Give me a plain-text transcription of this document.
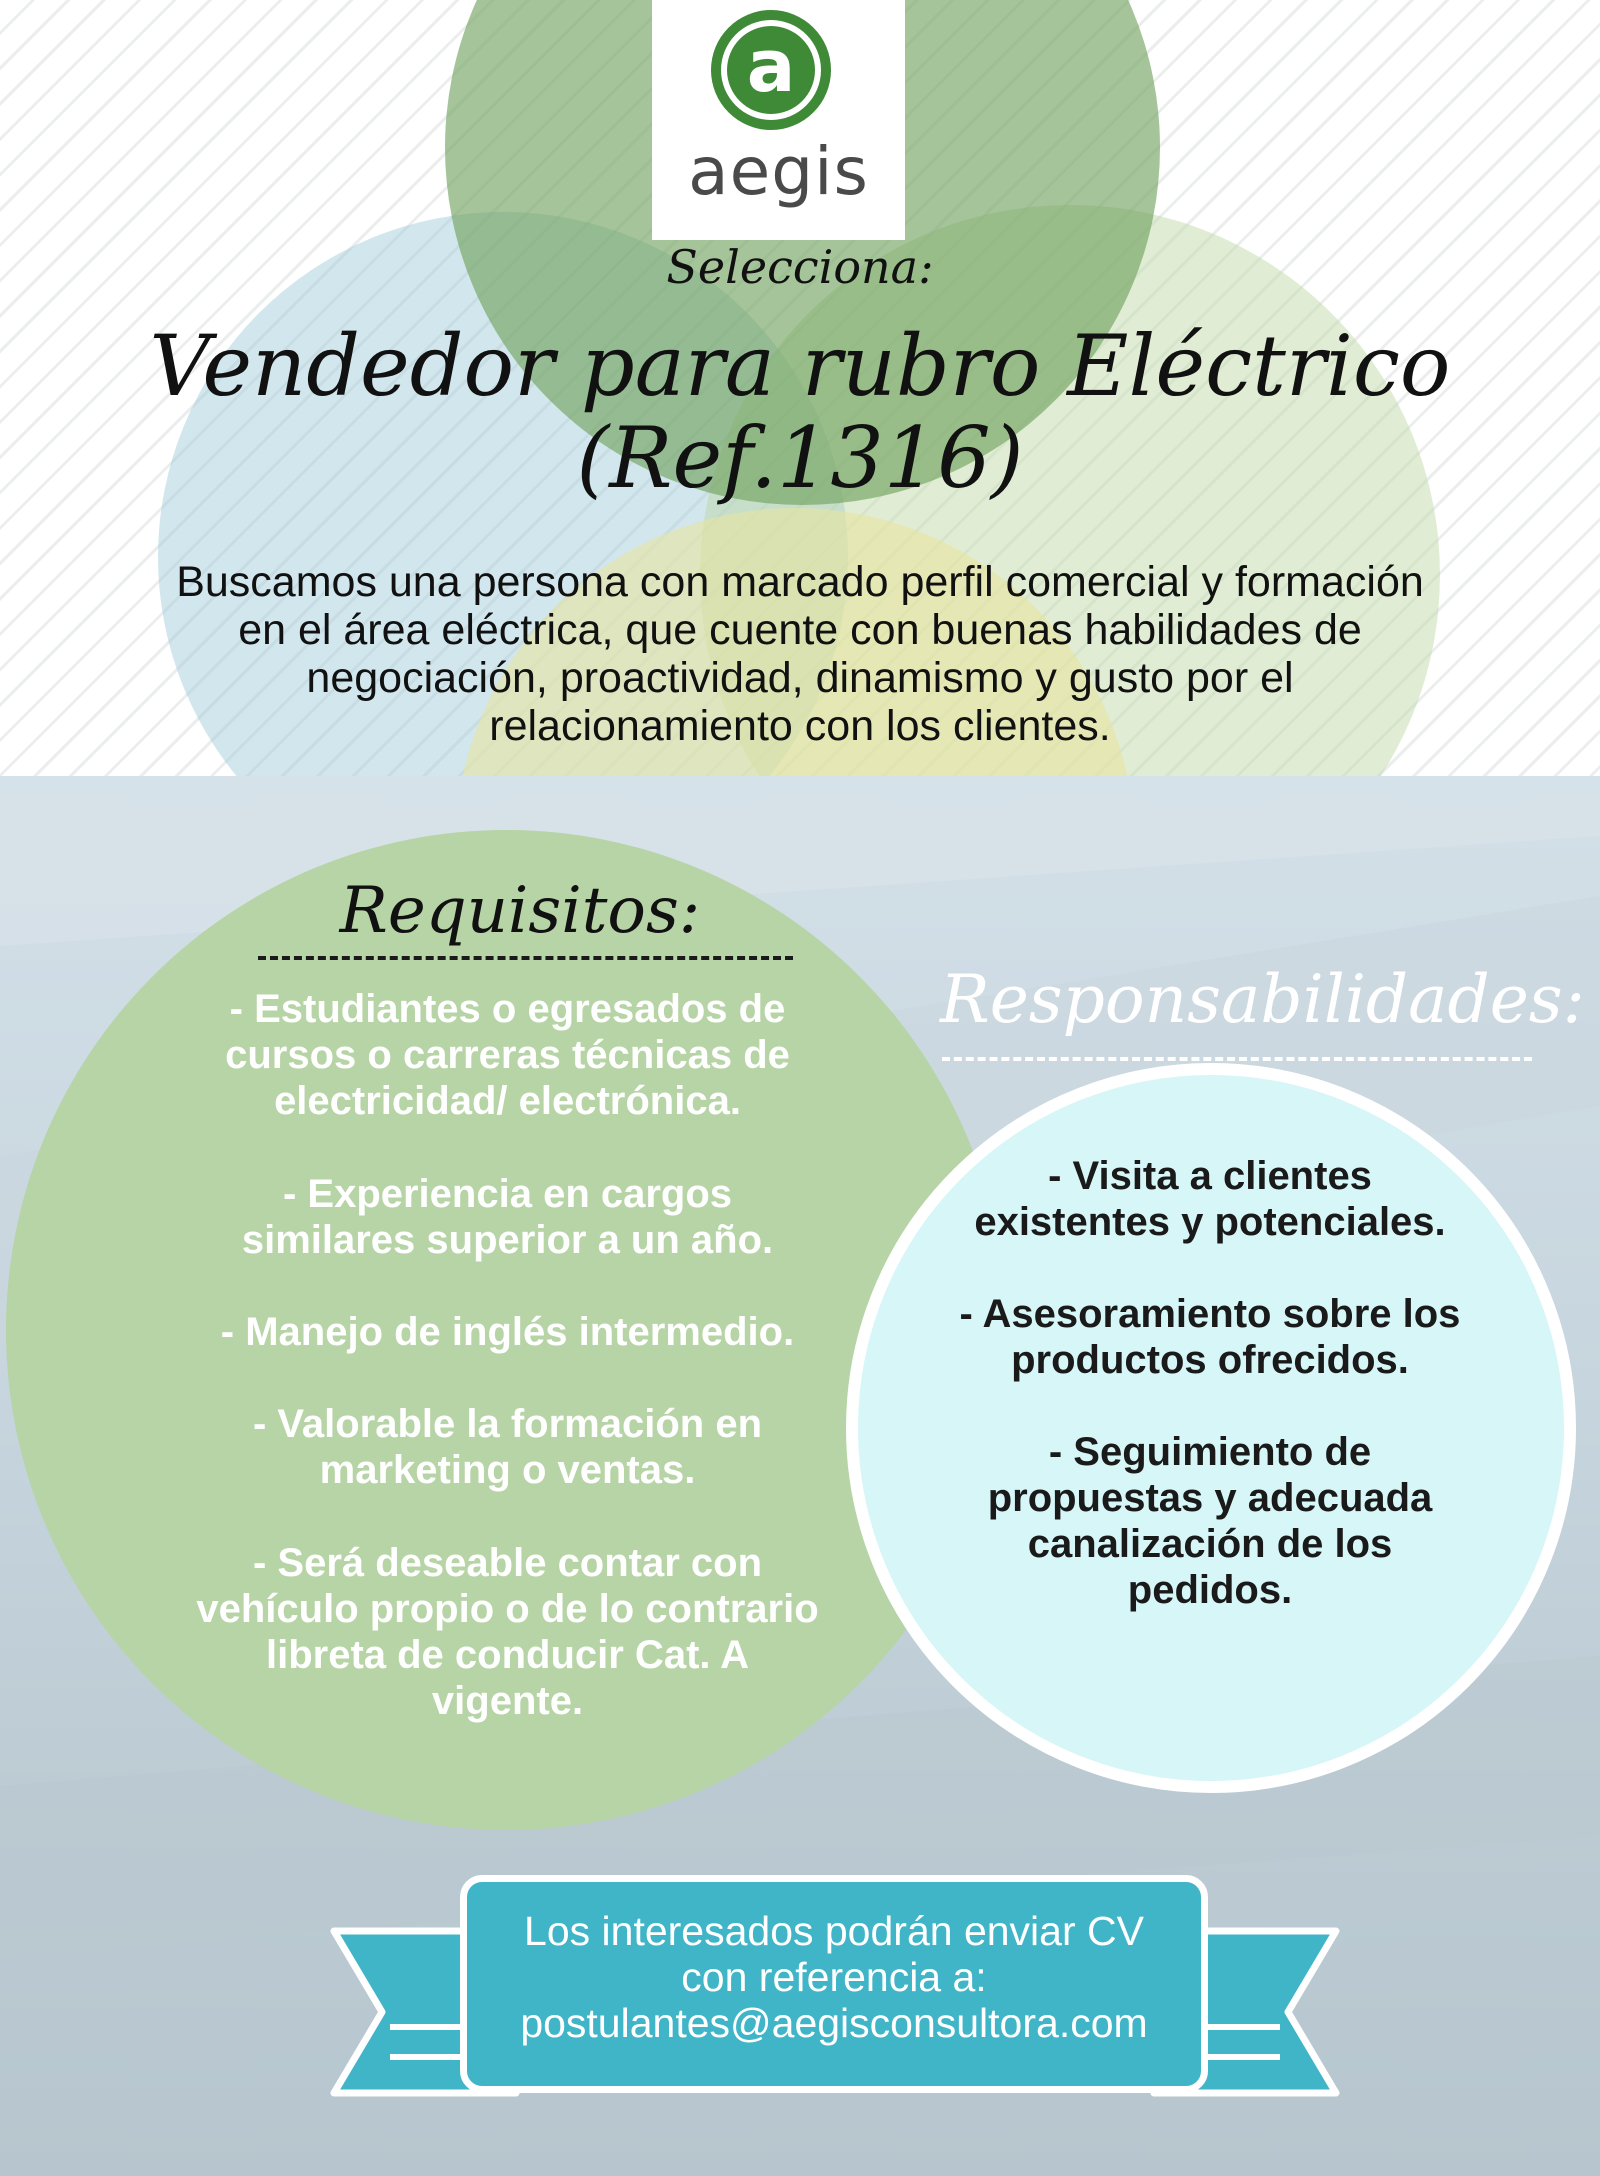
a
aegis
Selecciona:
Vendedor para rubro Eléctrico
(Ref.1316)
Buscamos una persona con marcado perfil comercial y formación
en el área eléctrica, que cuente con buenas habilidades de
negociación, proactividad, dinamismo y gusto por el
relacionamiento con los clientes.
Requisitos:
- Estudiantes o egresados de
cursos o carreras técnicas de
electricidad/ electrónica.
- Experiencia en cargos
similares superior a un año.
- Manejo de inglés intermedio.
- Valorable la formación en
marketing o ventas.
- Será deseable contar con
vehículo propio o de lo contrario
libreta de conducir Cat. A
vigente.
Responsabilidades:
- Visita a clientes
existentes y potenciales.
- Asesoramiento sobre los
productos ofrecidos.
- Seguimiento de
propuestas y adecuada
canalización de los
pedidos.
Los interesados podrán enviar CV
con referencia a:
postulantes@aegisconsultora.com
